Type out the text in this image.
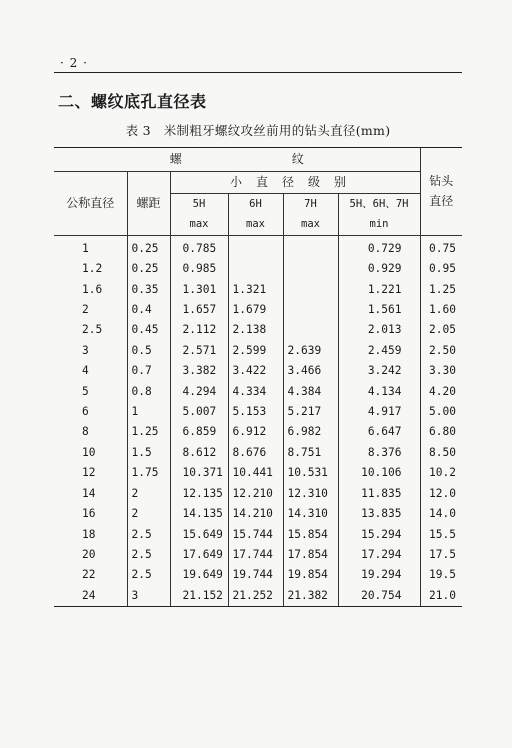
· 2 ·
二、螺纹底孔直径表
表 3　米制粗牙螺纹攻丝前用的钻头直径(mm)
螺 纹						钻头
直径
公称直径	螺距	小直径级别				
		5H	6H	7H	5H、6H、7H	
		max	max	max	min	
1	0.25	0.785			0.729	0.75
1.2	0.25	0.985			0.929	0.95
1.6	0.35	1.301	1.321		1.221	1.25
2	0.4	1.657	1.679		1.561	1.60
2.5	0.45	2.112	2.138		2.013	2.05
3	0.5	2.571	2.599	2.639	2.459	2.50
4	0.7	3.382	3.422	3.466	3.242	3.30
5	0.8	4.294	4.334	4.384	4.134	4.20
6	1	5.007	5.153	5.217	4.917	5.00
8	1.25	6.859	6.912	6.982	6.647	6.80
10	1.5	8.612	8.676	8.751	8.376	8.50
12	1.75	10.371	10.441	10.531	10.106	10.2
14	2	12.135	12.210	12.310	11.835	12.0
16	2	14.135	14.210	14.310	13.835	14.0
18	2.5	15.649	15.744	15.854	15.294	15.5
20	2.5	17.649	17.744	17.854	17.294	17.5
22	2.5	19.649	19.744	19.854	19.294	19.5
24	3	21.152	21.252	21.382	20.754	21.0
